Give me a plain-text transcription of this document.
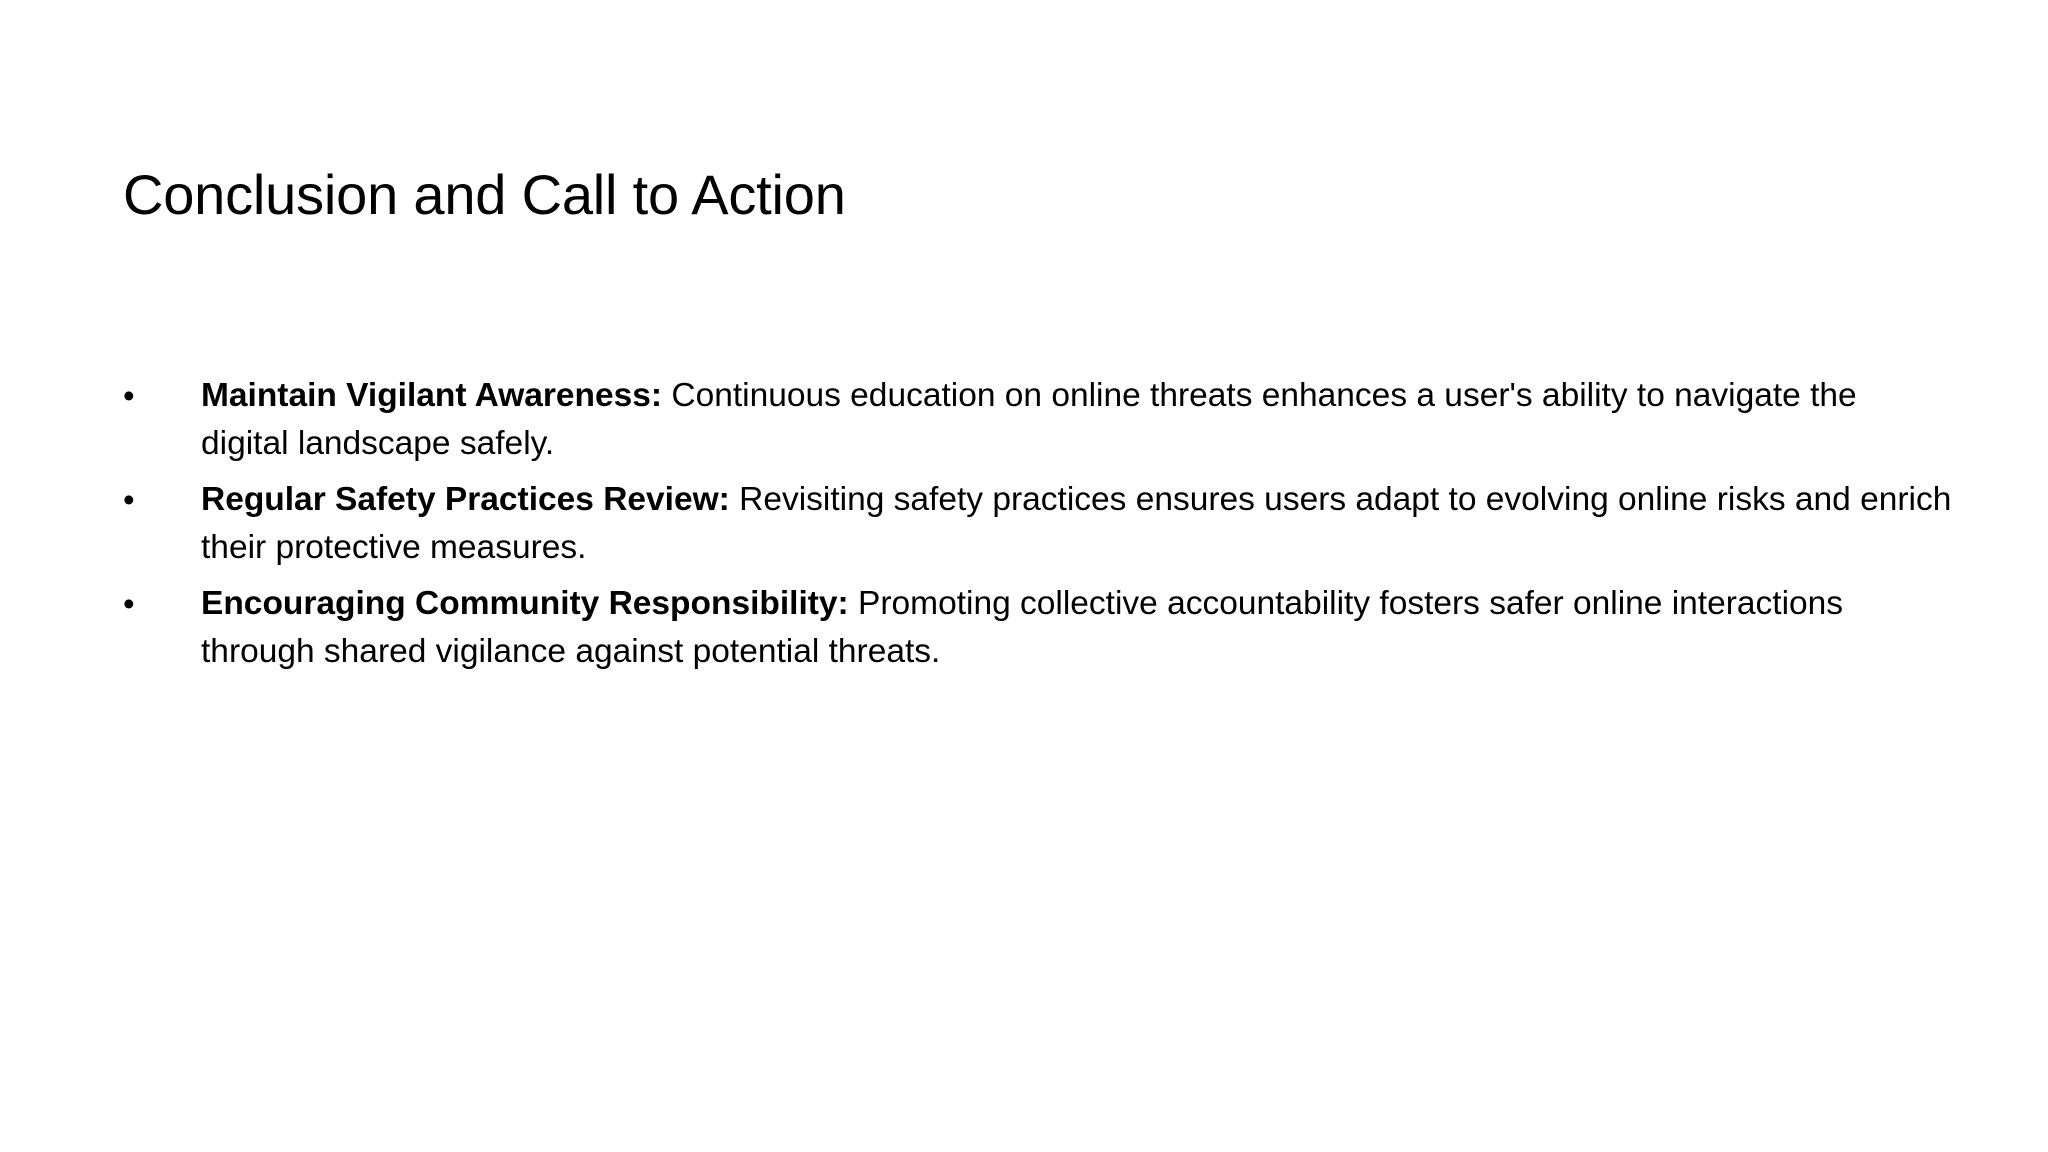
Conclusion and Call to Action
• Maintain Vigilant Awareness: Continuous education on online threats enhances a user's ability to navigate the digital landscape safely.
• Regular Safety Practices Review: Revisiting safety practices ensures users adapt to evolving online risks and enrich their protective measures.
• Encouraging Community Responsibility: Promoting collective accountability fosters safer online interactions through shared vigilance against potential threats.
